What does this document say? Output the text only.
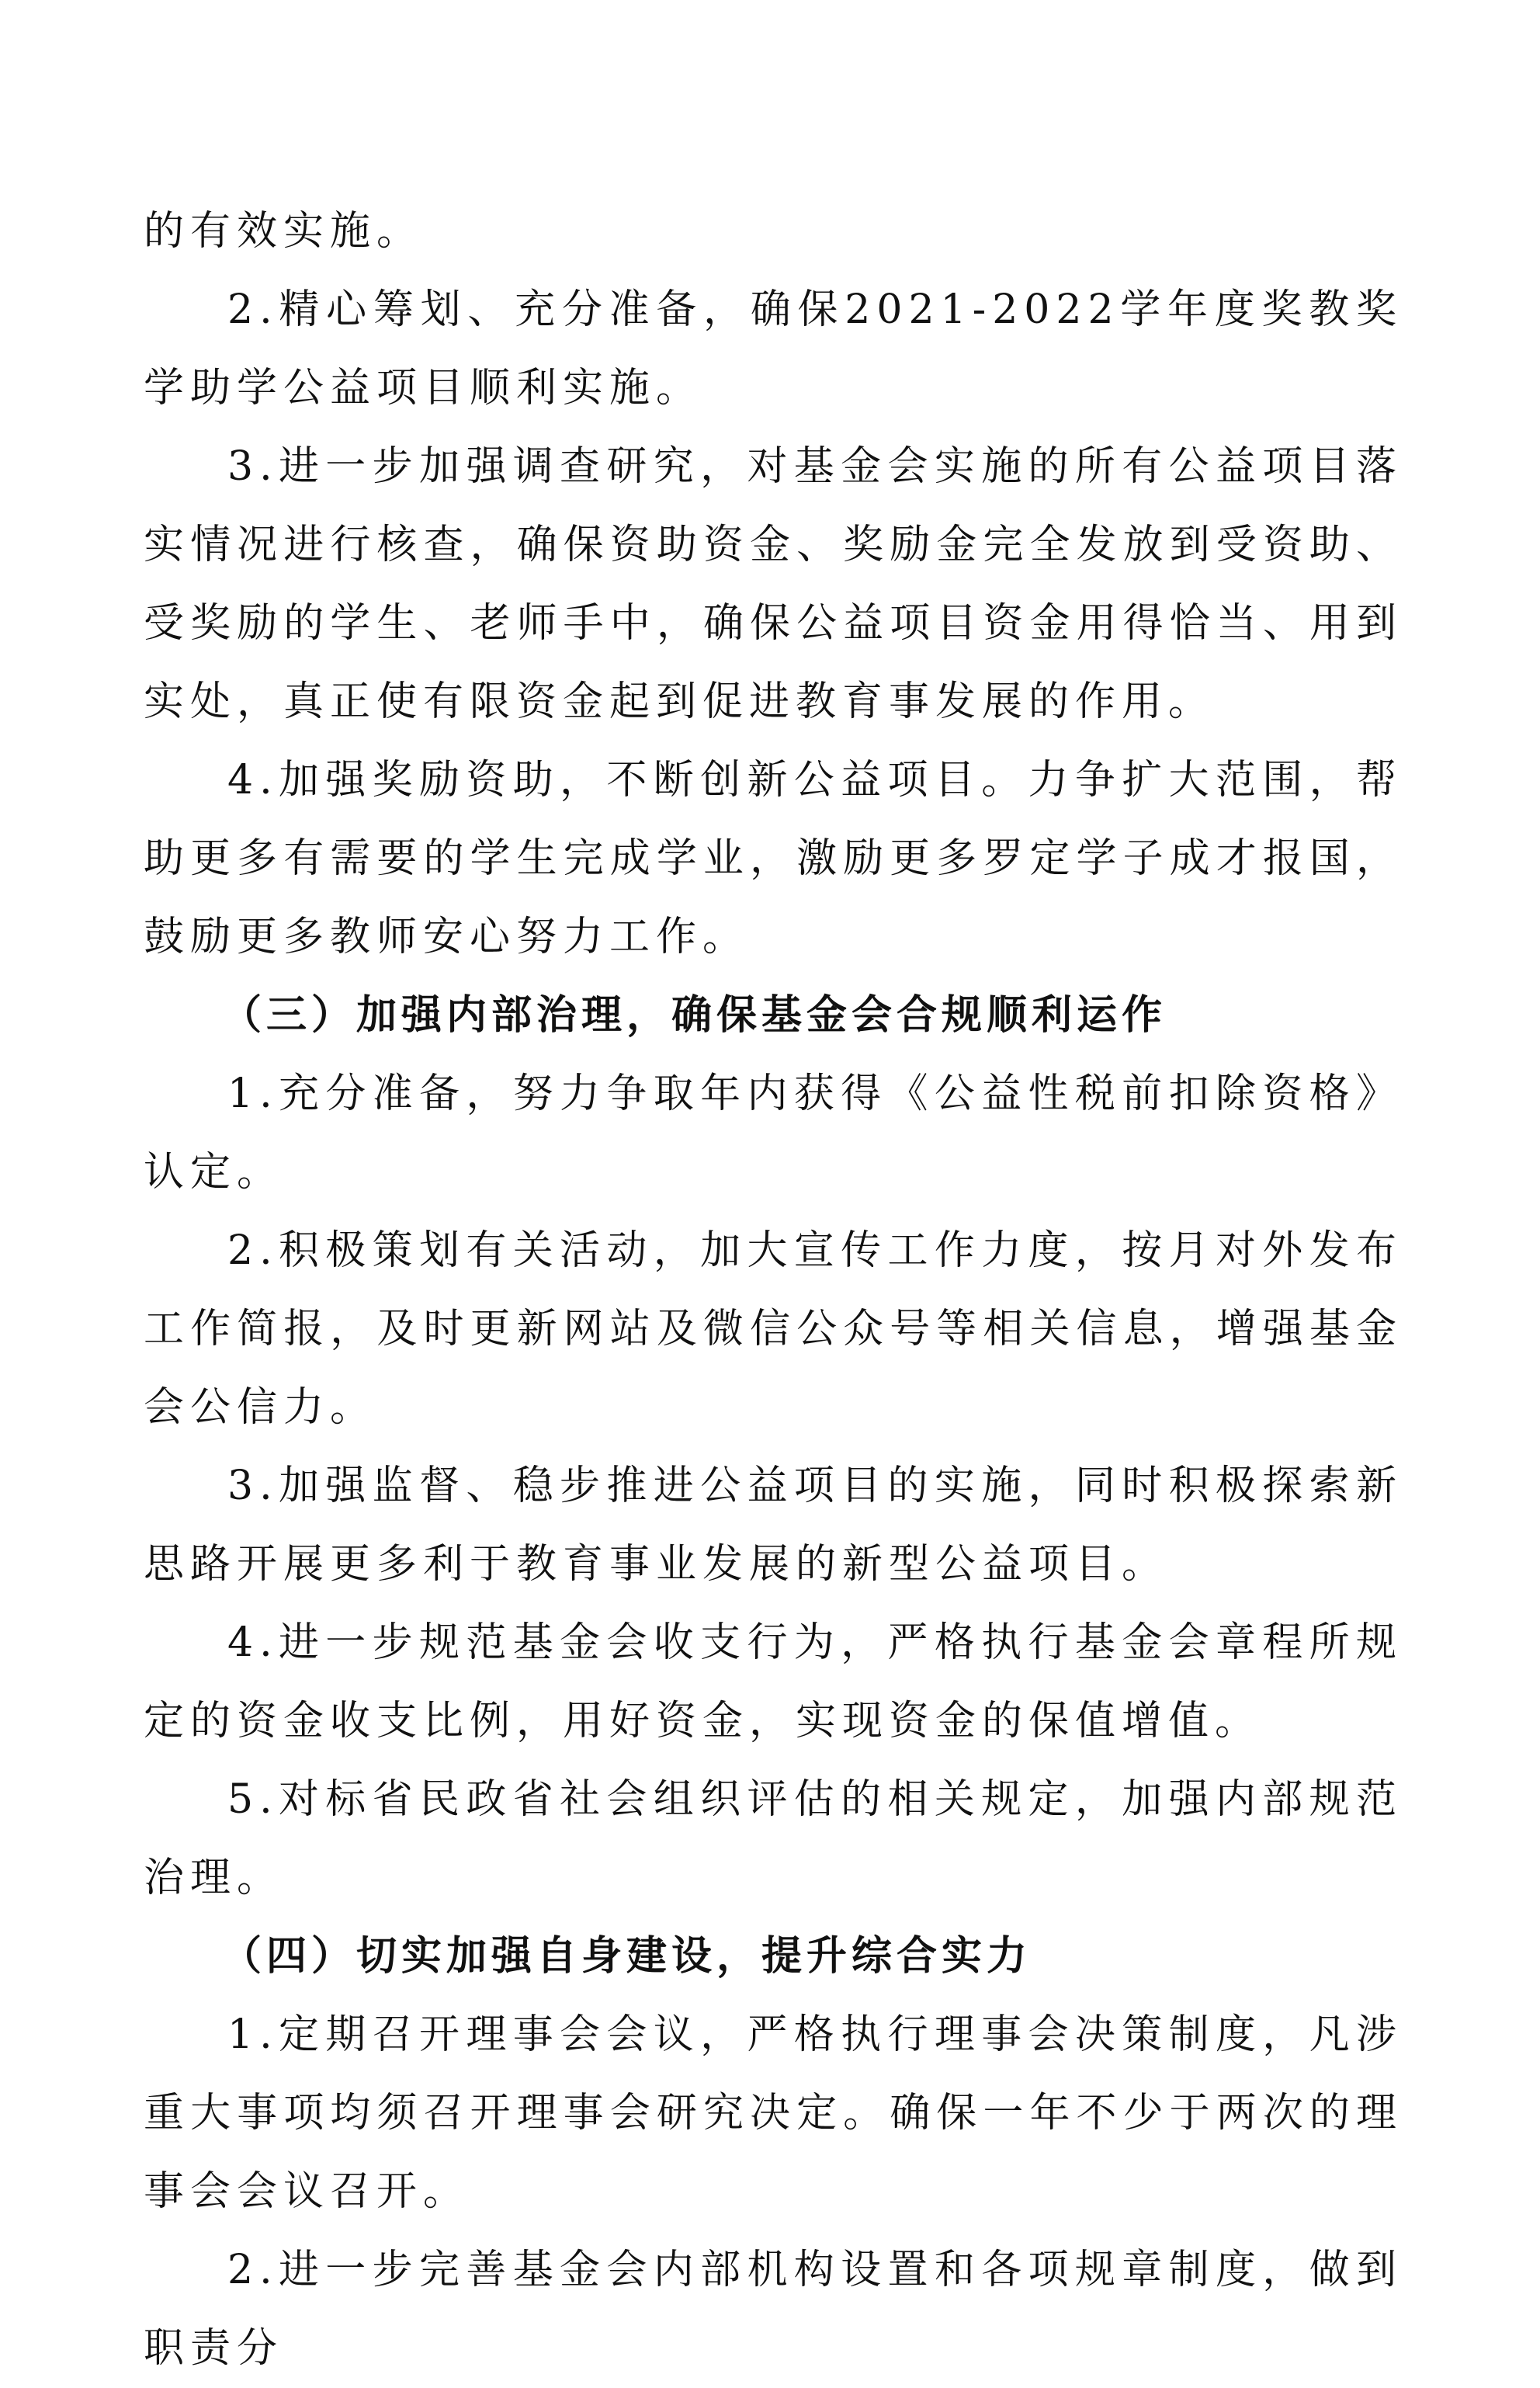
的有效实施。

2.精心筹划、充分准备，确保2021-2022学年度奖教奖学助学公益项目顺利实施。

3.进一步加强调查研究，对基金会实施的所有公益项目落实情况进行核查，确保资助资金、奖励金完全发放到受资助、受奖励的学生、老师手中，确保公益项目资金用得恰当、用到实处，真正使有限资金起到促进教育事发展的作用。

4.加强奖励资助，不断创新公益项目。力争扩大范围，帮助更多有需要的学生完成学业，激励更多罗定学子成才报国，鼓励更多教师安心努力工作。

（三）加强内部治理，确保基金会合规顺利运作

1.充分准备，努力争取年内获得《公益性税前扣除资格》认定。

2.积极策划有关活动，加大宣传工作力度，按月对外发布工作简报，及时更新网站及微信公众号等相关信息，增强基金会公信力。

3.加强监督、稳步推进公益项目的实施，同时积极探索新思路开展更多利于教育事业发展的新型公益项目。

4.进一步规范基金会收支行为，严格执行基金会章程所规定的资金收支比例，用好资金，实现资金的保值增值。

5.对标省民政省社会组织评估的相关规定，加强内部规范治理。

（四）切实加强自身建设，提升综合实力

1.定期召开理事会会议，严格执行理事会决策制度，凡涉重大事项均须召开理事会研究决定。确保一年不少于两次的理事会会议召开。

2.进一步完善基金会内部机构设置和各项规章制度，做到职责分
